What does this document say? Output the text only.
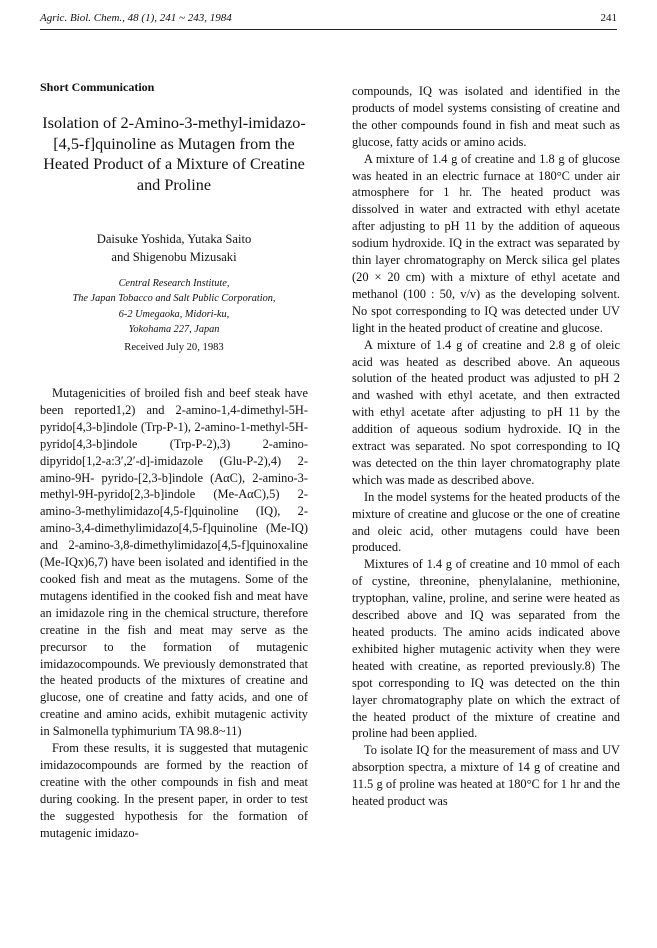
Agric. Biol. Chem., 48 (1), 241 ~ 243, 1984	241
Short Communication
Isolation of 2-Amino-3-methyl-imidazo- [4,5-f]quinoline as Mutagen from the Heated Product of a Mixture of Creatine and Proline
Daisuke Yoshida, Yutaka Saito
and Shigenobu Mizusaki
Central Research Institute,
The Japan Tobacco and Salt Public Corporation,
6-2 Umegaoka, Midori-ku,
Yokohama 227, Japan
Received July 20, 1983

Mutagenicities of broiled fish and beef steak have been reported1,2) and 2-amino-1,4-dimethyl-5H-pyrido[4,3-b]indole (Trp-P-1), 2-amino-1-methyl-5H-pyrido[4,3-b]indole (Trp-P-2),3) 2-amino-dipyrido[1,2-a:3′,2′-d]-imidazole (Glu-P-2),4) 2-amino-9H- pyrido-[2,3-b]indole (AαC), 2-amino-3-methyl-9H-pyrido[2,3-b]indole (Me-AαC),5) 2-amino-3-methylimidazo[4,5-f]quinoline (IQ), 2-amino-3,4-dimethylimidazo[4,5-f]quinoline (Me-IQ) and 2-amino-3,8-dimethylimidazo[4,5-f]quinoxaline (Me-IQx)6,7) have been isolated and identified in the cooked fish and meat as the mutagens. Some of the mutagens identified in the cooked fish and meat have an imidazole ring in the chemical structure, therefore creatine in the fish and meat may serve as the precursor to the formation of mutagenic imidazocompounds. We previously demonstrated that the heated products of the mixtures of creatine and glucose, one of creatine and fatty acids, and one of creatine and amino acids, exhibit mutagenic activity in Salmonella typhimurium TA 98.8~11)

From these results, it is suggested that mutagenic imidazocompounds are formed by the reaction of creatine with the other compounds in fish and meat during cooking. In the present paper, in order to test the suggested hypothesis for the formation of mutagenic imidazo-

compounds, IQ was isolated and identified in the products of model systems consisting of creatine and the other compounds found in fish and meat such as glucose, fatty acids or amino acids.

A mixture of 1.4 g of creatine and 1.8 g of glucose was heated in an electric furnace at 180°C under air atmosphere for 1 hr. The heated product was dissolved in water and extracted with ethyl acetate after adjusting to pH 11 by the addition of aqueous sodium hydroxide. IQ in the extract was separated by thin layer chromatography on Merck silica gel plates (20 × 20 cm) with a mixture of ethyl acetate and methanol (100 : 50, v/v) as the developing solvent. No spot corresponding to IQ was detected under UV light in the heated product of creatine and glucose.

A mixture of 1.4 g of creatine and 2.8 g of oleic acid was heated as described above. An aqueous solution of the heated product was adjusted to pH 2 and washed with ethyl acetate, and then extracted with ethyl acetate after adjusting to pH 11 by the addition of aqueous sodium hydroxide. IQ in the extract was separated. No spot corresponding to IQ was detected on the thin layer chromatography plate which was made as described above.

In the model systems for the heated products of the mixture of creatine and glucose or the one of creatine and oleic acid, other mutagens could have been produced.

Mixtures of 1.4 g of creatine and 10 mmol of each of cystine, threonine, phenylalanine, methionine, tryptophan, valine, proline, and serine were heated as described above and IQ was separated from the heated products. The amino acids indicated above exhibited higher mutagenic activity when they were heated with creatine, as reported previously.8) The spot corresponding to IQ was detected on the thin layer chromatography plate on which the extract of the heated product of the mixture of creatine and proline had been applied.

To isolate IQ for the measurement of mass and UV absorption spectra, a mixture of 14 g of creatine and 11.5 g of proline was heated at 180°C for 1 hr and the heated product was
